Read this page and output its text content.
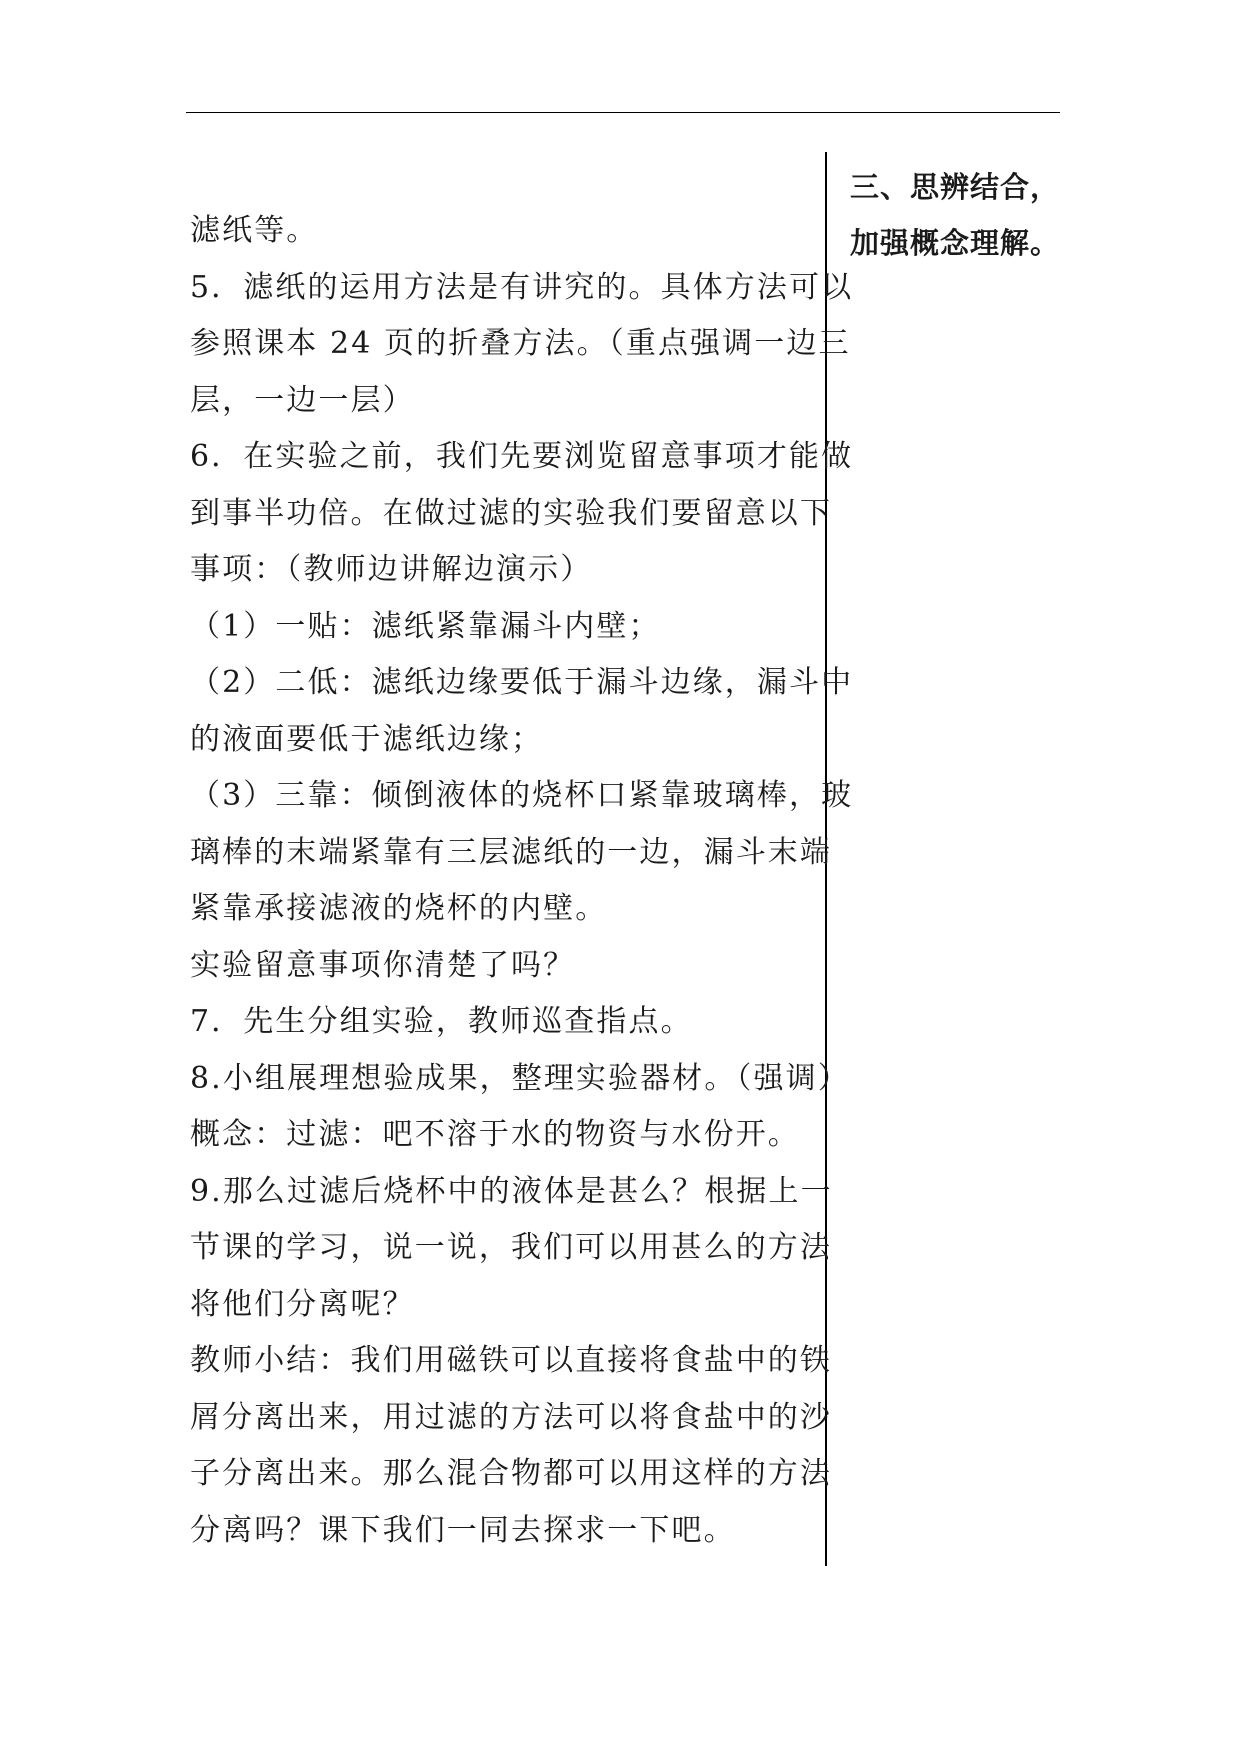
滤纸等。
5．滤纸的运用方法是有讲究的。具体方法可以
参照课本 24 页的折叠方法。（重点强调一边三
层，一边一层）
6．在实验之前，我们先要浏览留意事项才能做
到事半功倍。在做过滤的实验我们要留意以下
事项：（教师边讲解边演示）
（1）一贴：滤纸紧靠漏斗内壁；
（2）二低：滤纸边缘要低于漏斗边缘，漏斗中
的液面要低于滤纸边缘；
（3）三靠：倾倒液体的烧杯口紧靠玻璃棒，玻
璃棒的末端紧靠有三层滤纸的一边，漏斗末端
紧靠承接滤液的烧杯的内壁。
实验留意事项你清楚了吗？
7．先生分组实验，教师巡查指点。
8.小组展理想验成果，整理实验器材。（强调）
概念：过滤：吧不溶于水的物资与水份开。
9.那么过滤后烧杯中的液体是甚么？根据上一
节课的学习，说一说，我们可以用甚么的方法
将他们分离呢？
教师小结：我们用磁铁可以直接将食盐中的铁
屑分离出来，用过滤的方法可以将食盐中的沙
子分离出来。那么混合物都可以用这样的方法
分离吗？课下我们一同去探求一下吧。
三、思辨结合，
加强概念理解。
